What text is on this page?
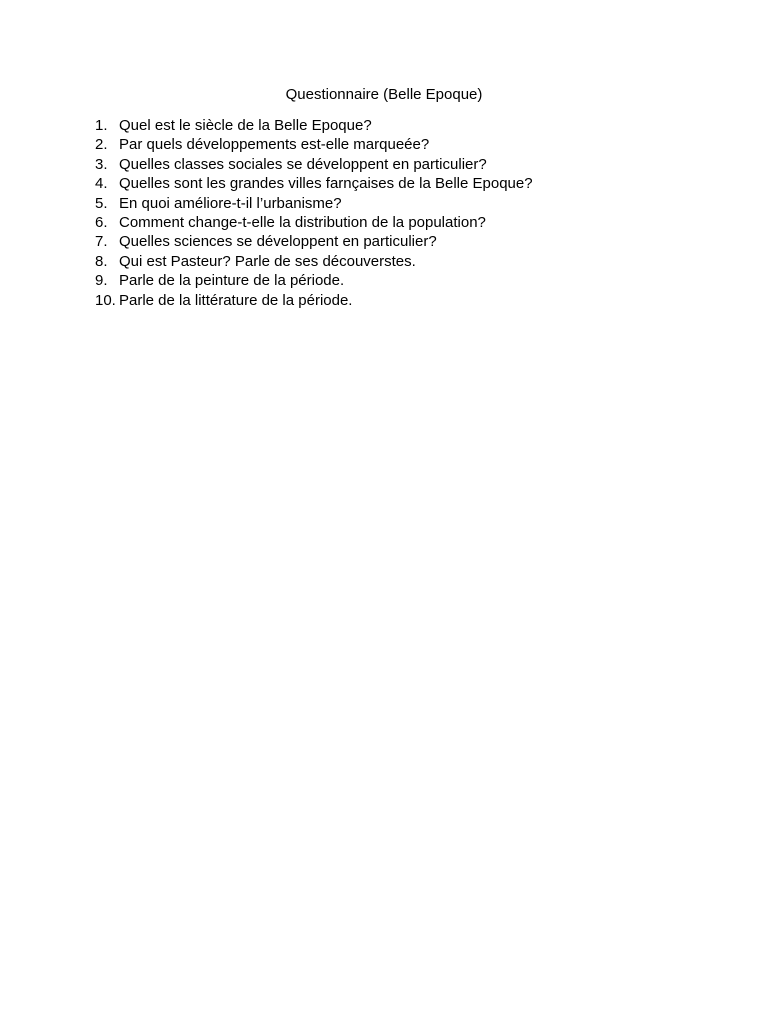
Questionnaire (Belle Epoque)
1. Quel est le siècle de la Belle Epoque?
2. Par quels développements est-elle marqueée?
3. Quelles classes sociales se développent en particulier?
4. Quelles sont les grandes villes farnçaises de la Belle Epoque?
5. En quoi améliore-t-il l’urbanisme?
6. Comment change-t-elle la distribution de la population?
7. Quelles sciences se développent en particulier?
8. Qui est Pasteur? Parle de ses découverstes.
9. Parle de la peinture de la période.
10. Parle de la littérature de la période.
